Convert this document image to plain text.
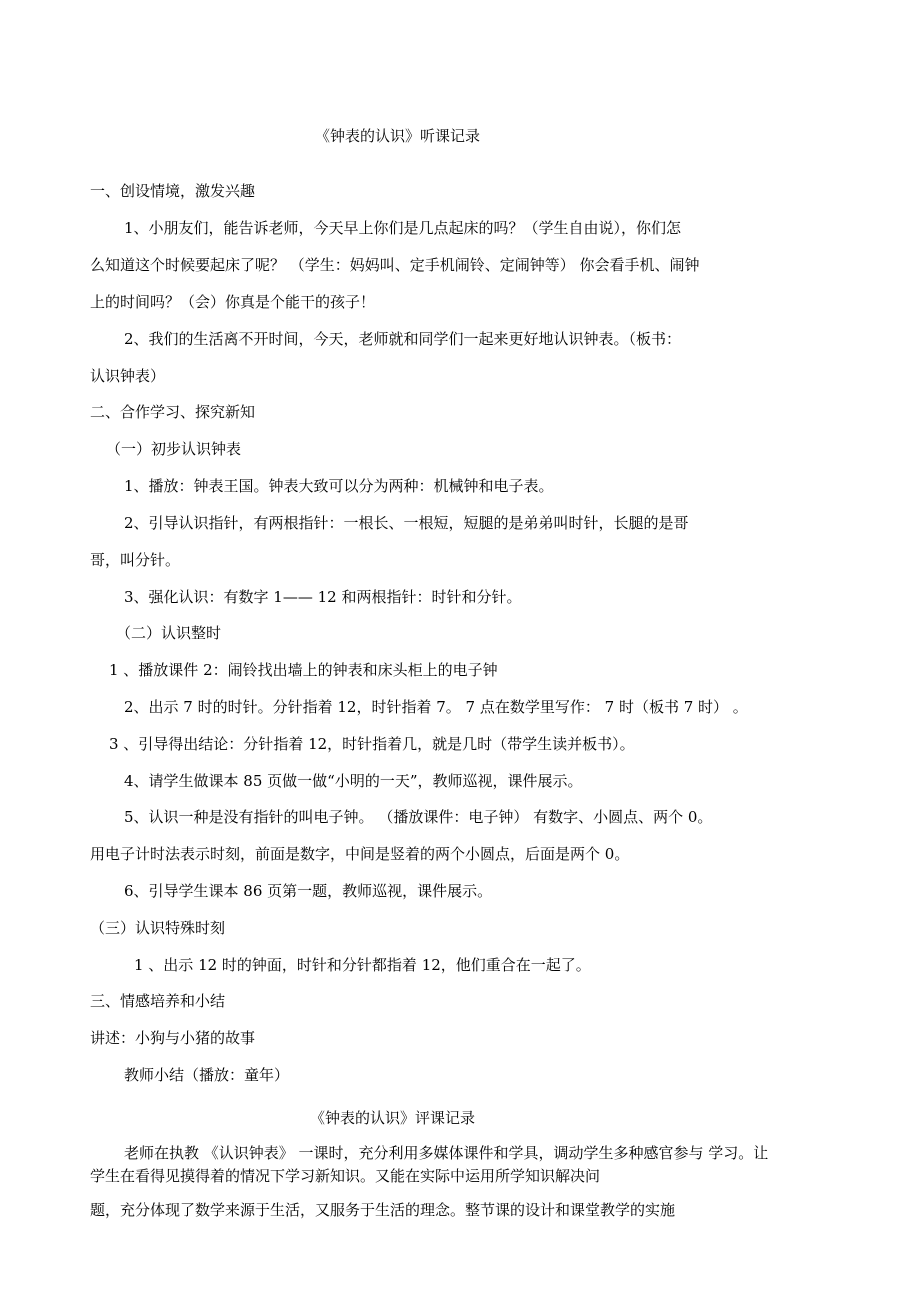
《钟表的认识》听课记录

一、创设情境，激发兴趣

1、小朋友们，能告诉老师，今天早上你们是几点起床的吗？（学生自由说），你们怎

么知道这个时候要起床了呢？ （学生：妈妈叫、定手机闹铃、定闹钟等） 你会看手机、闹钟

上的时间吗？（会）你真是个能干的孩子！

2、我们的生活离不开时间，今天，老师就和同学们一起来更好地认识钟表。（板书：

认识钟表）

二、合作学习、探究新知

（一）初步认识钟表

1、播放：钟表王国。钟表大致可以分为两种：机械钟和电子表。

2、引导认识指针，有两根指针：一根长、一根短，短腿的是弟弟叫时针，长腿的是哥

哥，叫分针。

3、强化认识：有数字 1—— 12 和两根指针：时针和分针。

（二）认识整时

1 、播放课件 2：闹铃找出墙上的钟表和床头柜上的电子钟

2、出示 7 时的时针。分针指着 12，时针指着 7。 7 点在数学里写作： 7 时（板书 7 时） 。

3 、引导得出结论：分针指着 12，时针指着几，就是几时（带学生读并板书）。

4、请学生做课本 85 页做一做“小明的一天”，教师巡视，课件展示。

5、认识一种是没有指针的叫电子钟。 （播放课件：电子钟） 有数字、小圆点、两个 0。

用电子计时法表示时刻，前面是数字，中间是竖着的两个小圆点，后面是两个 0。

6、引导学生课本 86 页第一题，教师巡视，课件展示。

（三）认识特殊时刻

1 、出示 12 时的钟面，时针和分针都指着 12，他们重合在一起了。

三、情感培养和小结

讲述：小狗与小猪的故事

教师小结（播放：童年）

《钟表的认识》评课记录

老师在执教 《认识钟表》 一课时，充分利用多媒体课件和学具，调动学生多种感官参与 学习。让

学生在看得见摸得着的情况下学习新知识。又能在实际中运用所学知识解决问

题，充分体现了数学来源于生活，又服务于生活的理念。整节课的设计和课堂教学的实施
